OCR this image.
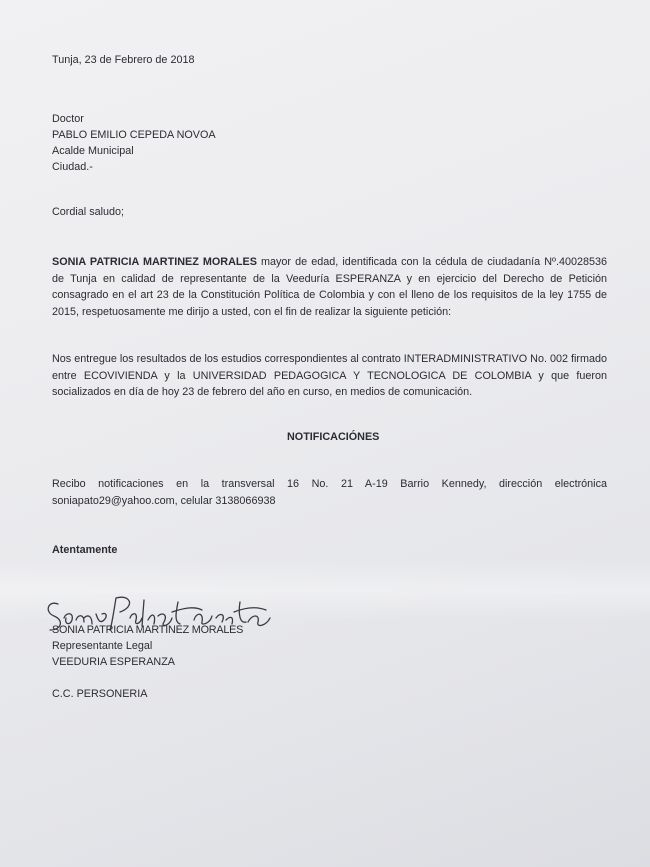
Tunja, 23 de Febrero de 2018
Doctor
PABLO EMILIO CEPEDA NOVOA
Acalde Municipal
Ciudad.-
Cordial saludo;
SONIA PATRICIA MARTINEZ MORALES mayor de edad, identificada con la cédula de ciudadanía Nº.40028536 de Tunja en calidad de representante de la Veeduría ESPERANZA y en ejercicio del Derecho de Petición consagrado en el art 23 de la Constitución Política de Colombia y con el lleno de los requisitos de la ley 1755 de 2015, respetuosamente me dirijo a usted, con el fin de realizar la siguiente petición:
Nos entregue los resultados de los estudios correspondientes al contrato INTERADMINISTRATIVO No. 002 firmado entre ECOVIVIENDA y la UNIVERSIDAD PEDAGOGICA Y TECNOLOGICA DE COLOMBIA y que fueron socializados en día de hoy 23 de febrero del año en curso, en medios de comunicación.
NOTIFICACIÓNES
Recibo notificaciones en la transversal 16 No. 21 A-19 Barrio Kennedy, dirección electrónica soniapato29@yahoo.com, celular 3138066938
Atentamente
SONIA PATRICIA MARTINEZ MORALES
Representante Legal
VEEDURIA ESPERANZA
C.C. PERSONERIA
